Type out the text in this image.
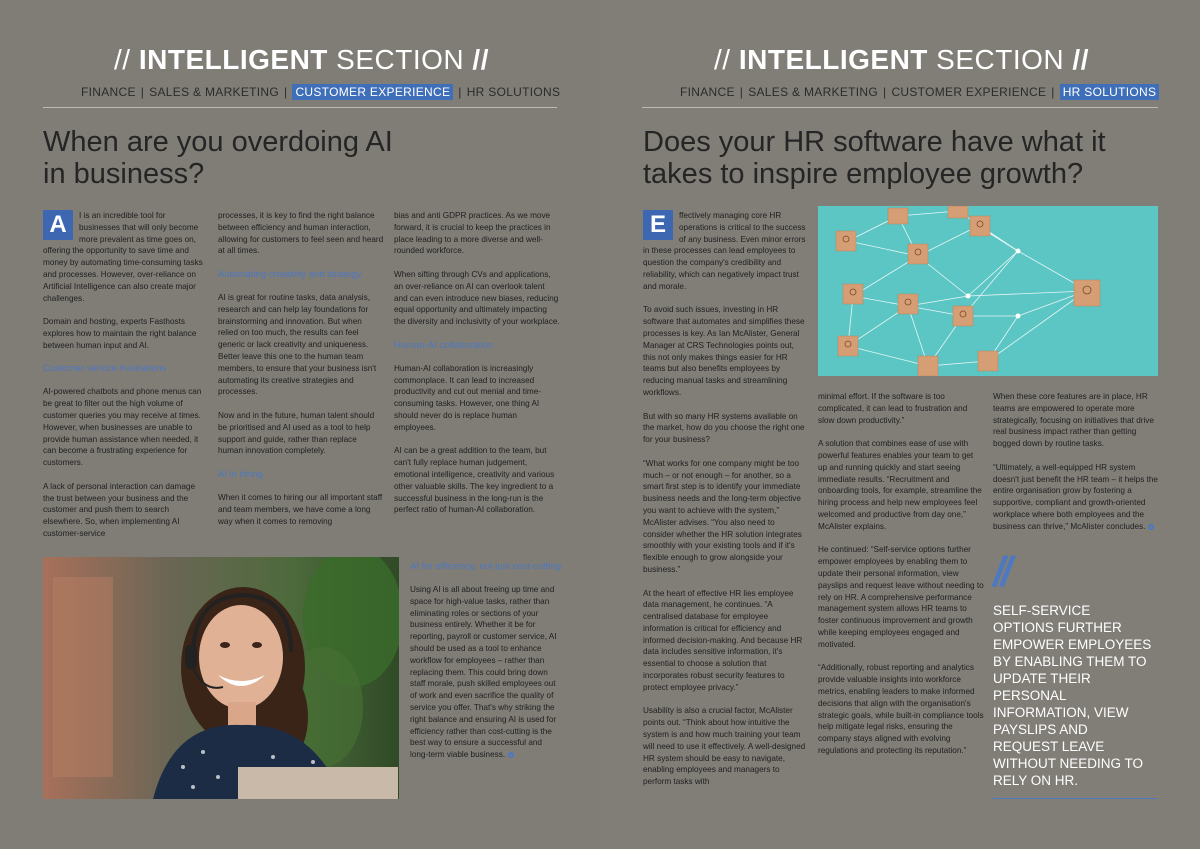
// INTELLIGENT SECTION //
FINANCE | SALES & MARKETING | CUSTOMER EXPERIENCE | HR SOLUTIONS
When are you overdoing AI
in business?

A	I is an incredible tool for businesses that will only become more prevalent as time goes on, offering the opportunity to save time and money by automating time-consuming tasks and processes. However, over-reliance on Artificial Intelligence can also create major challenges.

Domain and hosting, experts Fasthosts explores how to maintain the right balance between human input and AI.

Customer service frustrations

AI-powered chatbots and phone menus can be great to filter out the high volume of customer queries you may receive at times. However, when businesses are unable to provide human assistance when needed, it can become a frustrating experience for customers.

A lack of personal interaction can damage the trust between your business and the customer and push them to search elsewhere. So, when implementing AI customer-service

processes, it is key to find the right balance between efficiency and human interaction, allowing for customers to feel seen and heard at all times.

Automating creativity and strategy

AI is great for routine tasks, data analysis, research and can help lay foundations for brainstorming and innovation. But when relied on too much, the results can feel generic or lack creativity and uniqueness. Better leave this one to the human team members, to ensure that your business isn't automating its creative strategies and processes.

Now and in the future, human talent should be prioritised and AI used as a tool to help support and guide, rather than replace human innovation completely.

AI in hiring

When it comes to hiring our all important staff and team members, we have come a long way when it comes to removing

bias and anti GDPR practices. As we move forward, it is crucial to keep the practices in place leading to a more diverse and well-rounded workforce.

When sifting through CVs and applications, an over-reliance on AI can overlook talent and can even introduce new biases, reducing equal opportunity and ultimately impacting the diversity and inclusivity of your workplace.

Human-AI collaboration

Human-AI collaboration is increasingly commonplace. It can lead to increased productivity and cut out menial and time-consuming tasks. However, one thing AI should never do is replace human employees.

AI can be a great addition to the team, but can't fully replace human judgement, emotional intelligence, creativity and various other valuable skills. The key ingredient to a successful business in the long-run is the perfect ratio of human-AI collaboration.

AI for efficiency, not just cost-cutting

Using AI is all about freeing up time and space for high-value tasks, rather than eliminating roles or sections of your business entirely. Whether it be for reporting, payroll or customer service, AI should be used as a tool to enhance workflow for employees – rather than replacing them. This could bring down staff morale, push skilled employees out of work and even sacrifice the quality of service you offer. That's why striking the right balance and ensuring AI is used for efficiency rather than cost-cutting is the best way to ensure a successful and long-term viable business.

// INTELLIGENT SECTION //
FINANCE | SALES & MARKETING | CUSTOMER EXPERIENCE | HR SOLUTIONS
Does your HR software have what it
takes to inspire employee growth?

E	ffectively managing core HR operations is critical to the success of any business. Even minor errors in these processes can lead employees to question the company's credibility and reliability, which can negatively impact trust and morale.

To avoid such issues, investing in HR software that automates and simplifies these processes is key. As Ian McAlister, General Manager at CRS Technologies points out, this not only makes things easier for HR teams but also benefits employees by reducing manual tasks and streamlining workflows.

But with so many HR systems available on the market, how do you choose the right one for your business?

“What works for one company might be too much – or not enough – for another, so a smart first step is to identify your immediate business needs and the long-term objective you want to achieve with the system,” McAlister advises. “You also need to consider whether the HR solution integrates smoothly with your existing tools and if it's flexible enough to grow alongside your business.”

At the heart of effective HR lies employee data management, he continues. “A centralised database for employee information is critical for efficiency and informed decision-making. And because HR data includes sensitive information, it's essential to choose a solution that incorporates robust security features to protect employee privacy.”

Usability is also a crucial factor, McAlister points out. “Think about how intuitive the system is and how much training your team will need to use it effectively. A well-designed HR system should be easy to navigate, enabling employees and managers to perform tasks with

minimal effort. If the software is too complicated, it can lead to frustration and slow down productivity.”

A solution that combines ease of use with powerful features enables your team to get up and running quickly and start seeing immediate results. “Recruitment and onboarding tools, for example, streamline the hiring process and help new employees feel welcomed and productive from day one,” McAlister explains.

He continued: “Self-service options further empower employees by enabling them to update their personal information, view payslips and request leave without needing to rely on HR. A comprehensive performance management system allows HR teams to foster continuous improvement and growth while keeping employees engaged and motivated.

“Additionally, robust reporting and analytics provide valuable insights into workforce metrics, enabling leaders to make informed decisions that align with the organisation's strategic goals, while built-in compliance tools help mitigate legal risks, ensuring the company stays aligned with evolving regulations and protecting its reputation.”

When these core features are in place, HR teams are empowered to operate more strategically, focusing on initiatives that drive real business impact rather than getting bogged down by routine tasks.

“Ultimately, a well-equipped HR system doesn't just benefit the HR team – it helps the entire organisation grow by fostering a supportive, compliant and growth-oriented workplace where both employees and the business can thrive,” McAlister concludes.

//
SELF-SERVICE OPTIONS FURTHER EMPOWER EMPLOYEES BY ENABLING THEM TO UPDATE THEIR PERSONAL INFORMATION, VIEW PAYSLIPS AND REQUEST LEAVE WITHOUT NEEDING TO RELY ON HR.
